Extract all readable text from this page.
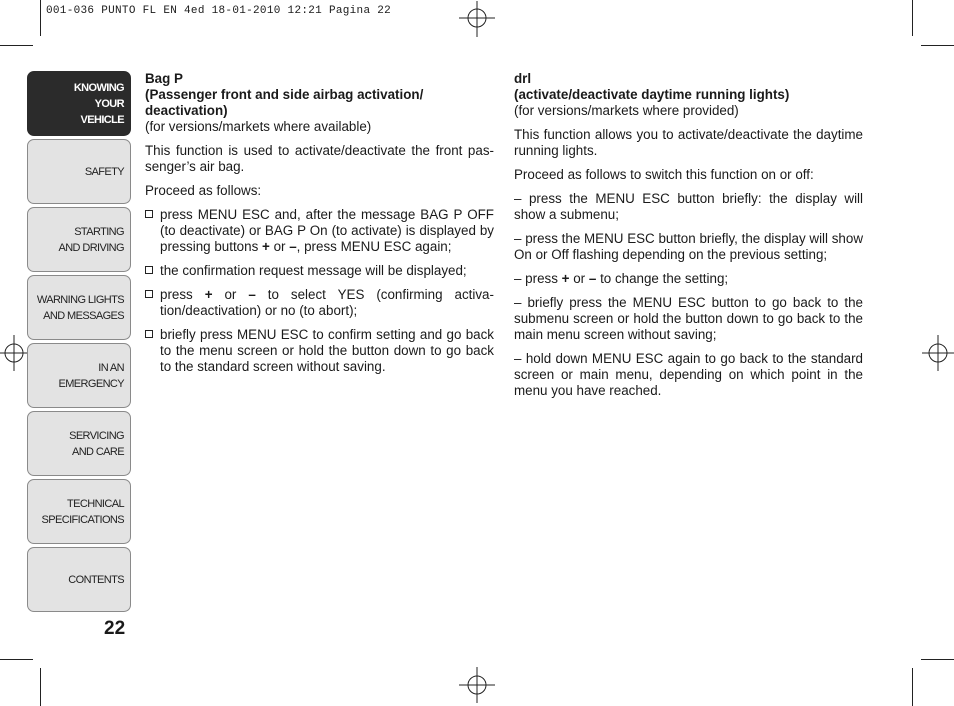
001-036 PUNTO FL EN 4ed 18-01-2010 12:21 Pagina 22
KNOWING
YOUR
VEHICLE
SAFETY
STARTING
AND DRIVING
WARNING LIGHTS
AND MESSAGES
IN AN
EMERGENCY
SERVICING
AND CARE
TECHNICAL
SPECIFICATIONS
CONTENTS
22
Bag P
(Passenger front and side airbag activation/ deactivation)
(for versions/markets where available)

This function is used to activate/deactivate the front pas-senger’s air bag.

Proceed as follows:

press MENU ESC and, after the message BAG P OFF (to deactivate) or BAG P On (to activate) is displayed by pressing buttons + or –, press MENU ESC again;
the confirmation request message will be displayed;
press + or – to select YES (confirming activa-tion/deactivation) or no (to abort);
briefly press MENU ESC to confirm setting and go back to the menu screen or hold the button down to go back to the standard screen without saving.
drl
(activate/deactivate daytime running lights)
(for versions/markets where provided)

This function allows you to activate/deactivate the daytime running lights.

Proceed as follows to switch this function on or off:

– press the MENU ESC button briefly: the display will show a submenu;

– press the MENU ESC button briefly, the display will show On or Off flashing depending on the previous setting;

– press + or – to change the setting;

– briefly press the MENU ESC button to go back to the submenu screen or hold the button down to go back to the main menu screen without saving;

– hold down MENU ESC again to go back to the standard screen or main menu, depending on which point in the menu you have reached.
